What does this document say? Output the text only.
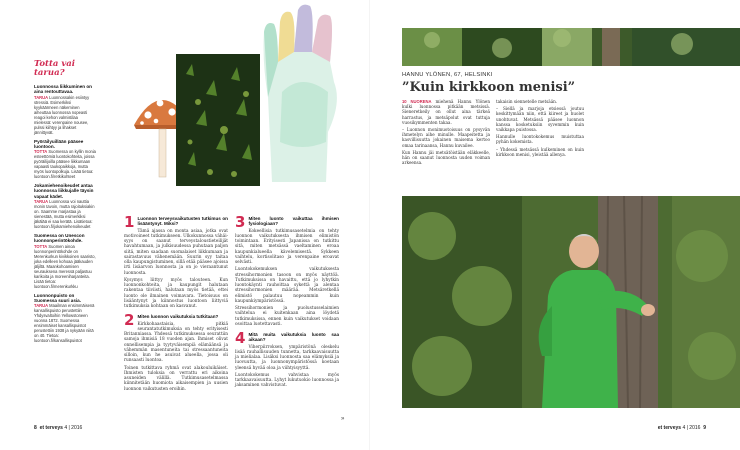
Totta vai tarua?

Luonnossa liikkuminen on aina rentouttavaa.

TARUA Luonnossakin esiintyy stressiä. Esimerkiksi kyykäärmeen näkeminen aiheuttaa luonnossa nopeasti reagoi kehon valmistilaa mielessä: verenpaine nousee, pulssi kiihtyy ja lihakset jännittyvät.

Pyöräilyuillään pääsee luontoon.

TOTTA Suomessa on kyllin monia esteettömiä luontokohteita, joissa pyöräilijoilla pääsee liikkumaan vapaasti taukopaikkoja, mutta myös luontopolkuja. Lisää tietoa: luontoon.fi/retkikohteet

Jokamiehenoikeudet antaa luonnossa liikkujalle täysin vapaat kädet.

TARUA Luonnossa voi nauttia monin tavoin, mutta rajoituksiakin on. Saamme marjastaa ja sienestää, mutta esimerkiksi jäkälää ei saa kerätä. Lisätietoa: luontoon.fi/jokamiehenoikeudet

Suomessa on Unescon luonnonperintökohde.

TOTTA Suomen ainoa luonnonperintökohde on Merenkurkun kivikkoinen saaristo, joka edelleen kohoaa jääkauden jäljiltä. Maankohoamisen seurauksena meressä paljastuu karikoita ja moreeniharjanteita. Lisää tietoa: luontoon.fi/merenkurkku

Luonnonpuisto on Suomessa suuri asia.

TARUA Maailman ensimmäisenä kansallispuisto perustettiin Yhdysvaltoihin Yellowstoneen vuonna 1872. Suomessa ensimmäiset kansallispuistot perustettiin 1938 ja nykyään niitä on 40. Tietoa: luontoon.fi/kansallispuistot

1 Luonnon terveysvaikutusten tutkimus on lisääntynyt. Miksi?

Tämä ajassa on monta asiaa, jotka ovat motivoineet tutkimukseen. Ulkokunnossa vähäisyys on saanut terveystaloustieteilijät havahtumaan, ja julkisuudessa puhutaan paljon siitä, miten saadaan suomalaiset liikkumaan ja sairastavuus vähenemään. Suurin syy taitaa olla kaupungistuminen, sillä etää pääsee ajoissa irti lisäarvon luonnosta ja on jo vieraantunut luonnosta.

Kysymys liittyy myös talouteen. Kun luonnonkohteita, ja kaupungit halutaan rakentaa tiiviisti, halutaan myös tietää, ettei luonto ole ilmainen voimavara. Tietoisuus on lisääntynyt ja kiinnostus luontoon liittyviä tutkimuksia kohtaan on kasvanut.

2 Miten luonnon vaikutuksia tutkitaan?

Kirkkohaastaisia, pitkiä seurantatutkimuksia on tehty erityisesti Britanniassa. Yhdessä tutkimuksessa seurattiin samoja ihmisiä 18 vuoden ajan. Ihmiset olivat onnellisempia ja tyytyväisempiä elämäänsä ja vähemmän masentuneita tai stressaantuneita silloin, kun he asuivat alueella, jossa oli runsaasti luontoa.

Toinen tutkittava ryhmä ovat alakouluikäiset. Ihmisten tuloksia on verrattu eri aikoina asuneiden välillä. Tutkimusasetelmassa kiinnitetään huomiota aikaisempien ja uusien luonnon vaikutusten eroihin.

3 Miten luonto vaikuttaa ihmisen fysiologiaan?

Kokeellisia tutkimusasetelmia on tehty luonnon vaikutuksesta ihmisen elimistön toimintaan. Erityisesti Japanissa on tutkittu sitä, miten metsässä vaeltaminen eroaa kaupunkialueella kävelemisestä. Sykkeen vaihtelu, kortisolitaso ja verenpaine eroavat selvästi.

Luontokokemuksen vaikutuksesta stressihormonien tasoon on myös näyttöä. Tutkimuksissa on havaittu, että jo lyhytkin luontokäynti rauhoittaa sykettä ja alentaa stressihormonien määrää. Metsäretkellä elimistö palautuu nopeammin kuin kaupunkiympäristössä.

Stressihormonien ja puolustusselaimien vaihtelua ei kuitenkaan aina löydetä tutkimuksissa, ennen kuin vaikutukset voidaan osoittaa luotettavasti.

4 Mitä muita vaikutuksia luonto saa aikaan?

Viherpiirroksen, ympäristönä oleskelu lisää rauhallisuuden tunnetta, tarkkaavaisuutta ja mielialaa. Lisäksi luonnosta saa elämyksiä ja luovuutta, ja luonnonympäristössä koetaan yleensä hyvää oloa ja viihtyisyyttä.

Luontokokemus vahvistaa myös tarkkaavaisuutta. Lyhyt lukutuokio luonnossa ja jaksaminen vahvistuvat.

»
8 et terveys 4 | 2016
HANNU YLÖNEN, 67, HELSINKI
”Kuin kirkkoon menisi”

10 NUORENA miehenä Hannu Ylönen kulki luonnossa pitkään metsissä. Sieneretkeily on ollut aina tärkeä harrastus, ja metsäpolut ovat tuttuja vuosikymmenten takaa.

– Luonnon monimuotoisuus on pysyvän ihmetelyn aihe minulle. Maapeitetta ja kasvillisuutta jokainen maisema kertoo omaa tarinaansa, Hannu kuvailee.

Kun Hannu jäi metsätöistään eläkkeelle, hän on saanut luonnosta uuden voiman arkeensa.

takaisin siennetelle metsään.

– Siellä ja marjoja etsiessä joutuu keskittymään niin, että kiireet ja huolet unohtuvat. Metsässä pääsee luonnon kanssa kosketuksiin syvemmin kuin vaikkapa puistossa.

Hannulle luontokokemus muistuttaa pyhän kokemista.

– Yhdessä metsässä kulkeminen on kuin kirkkoon menisi, yleistää allenya.

et terveys 4 | 2016 9
